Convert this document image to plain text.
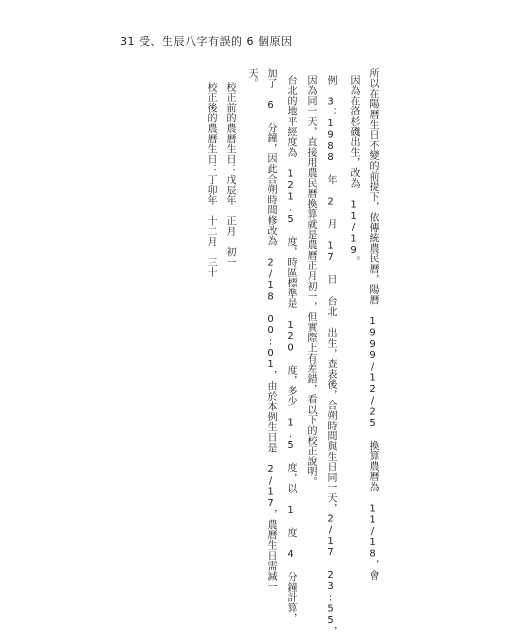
31 受、生辰八字有誤的 6 個原因
所以在陽曆生日不變的前提下，依傳統農民曆，陽曆 1999/12/25 換算農曆為 11/18，會
因為在洛杉磯出生，改為 11/19。
例 3：1988 年 2 月 17 日 台北 出生，查表後，合朔時間與生日同一天，2/17 23:55，
因為同一天，直接用農民曆換算就是農曆正月初一，但實際上有差錯，看以下的校正說明。
台北的地平經度為 121.5 度，時區標準是 120 度，多少 1.5 度，以 1 度 4 分鐘計算，
加了 6 分鐘，因此合朔時間修改為 2/18 00:01，由於本例生日是 2/17，農曆生日需減一
天。
校正前的農曆生日：戊辰年　正月　初一
校正後的農曆生日：丁卯年　十二月　三十
